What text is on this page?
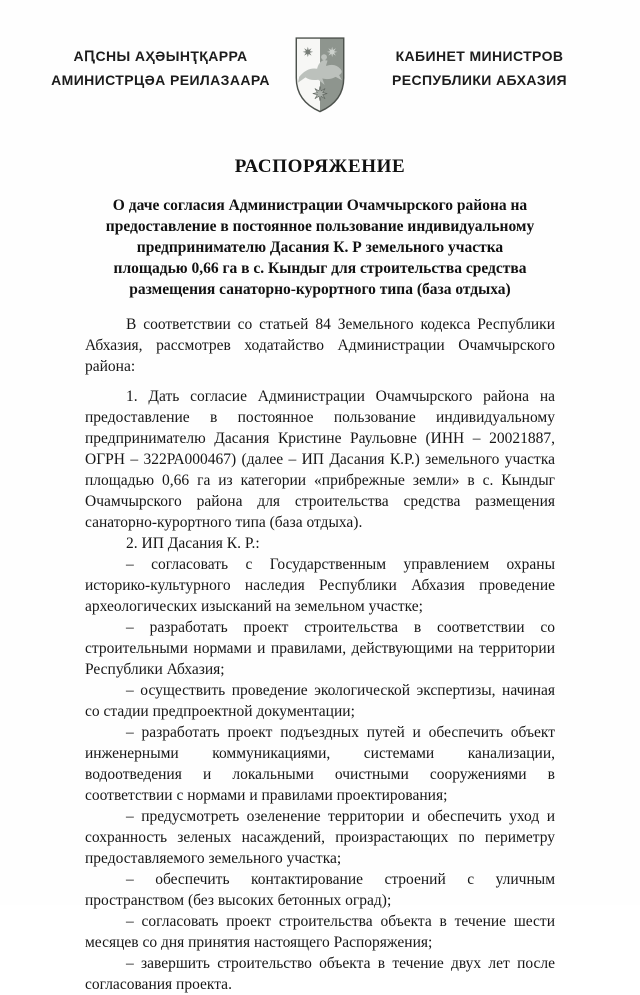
АԤСНЫ АҲӘЫНҬҚАРРА
АМИНИСТРЦӘА РЕИЛАЗААРА
КАБИНЕТ МИНИСТРОВ
РЕСПУБЛИКИ АБХАЗИЯ
РАСПОРЯЖЕНИЕ
О даче согласия Администрации Очамчырского района на
предоставление в постоянное пользование индивидуальному
предпринимателю Дасания К. Р земельного участка
площадью 0,66 га в с. Кындыг для строительства средства
размещения санаторно-курортного типа (база отдыха)

В соответствии со статьей 84 Земельного кодекса Республики Абхазия, рассмотрев ходатайство Администрации Очамчырского района:

1. Дать согласие Администрации Очамчырского района на предоставление в постоянное пользование индивидуальному предпринимателю Дасания Кристине Раульовне (ИНН – 20021887, ОГРН – 322РА000467) (далее – ИП Дасания К.Р.) земельного участка площадью 0,66 га из категории «прибрежные земли» в с. Кындыг Очамчырского района для строительства средства размещения санаторно-курортного типа (база отдыха).

2. ИП Дасания К. Р.:

– согласовать с Государственным управлением охраны историко-культурного наследия Республики Абхазия проведение археологических изысканий на земельном участке;

– разработать проект строительства в соответствии со строительными нормами и правилами, действующими на территории Республики Абхазия;

– осуществить проведение экологической экспертизы, начиная со стадии предпроектной документации;

– разработать проект подъездных путей и обеспечить объект инженерными коммуникациями, системами канализации, водоотведения и локальными очистными сооружениями в соответствии с нормами и правилами проектирования;

– предусмотреть озеленение территории и обеспечить уход и сохранность зеленых насаждений, произрастающих по периметру предоставляемого земельного участка;

– обеспечить контактирование строений с уличным пространством (без высоких бетонных оград);

– согласовать проект строительства объекта в течение шести месяцев со дня принятия настоящего Распоряжения;

– завершить строительство объекта в течение двух лет после согласования проекта.
